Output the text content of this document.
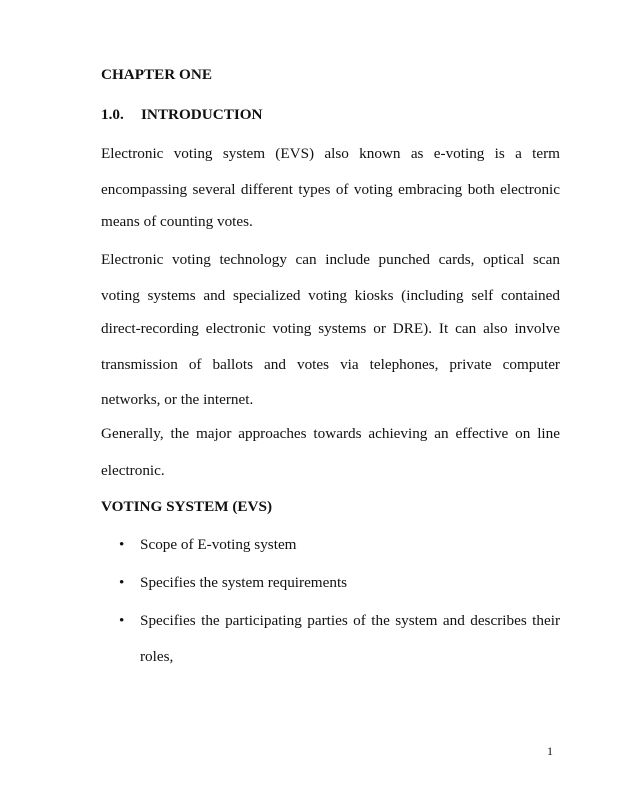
CHAPTER ONE

1.0. INTRODUCTION

Electronic voting system (EVS) also known as e-voting is a term

encompassing several different types of voting embracing both electronic

means of counting votes.

Electronic voting technology can include punched cards, optical scan

voting systems and specialized voting kiosks (including self contained

direct-recording electronic voting systems or DRE). It can also involve

transmission of ballots and votes via telephones, private computer

networks, or the internet.

Generally, the major approaches towards achieving an effective on line

electronic.

VOTING SYSTEM (EVS)

•	Scope of E-voting system

•	Specifies the system requirements

•	Specifies the participating parties of the system and describes their

roles,

1
